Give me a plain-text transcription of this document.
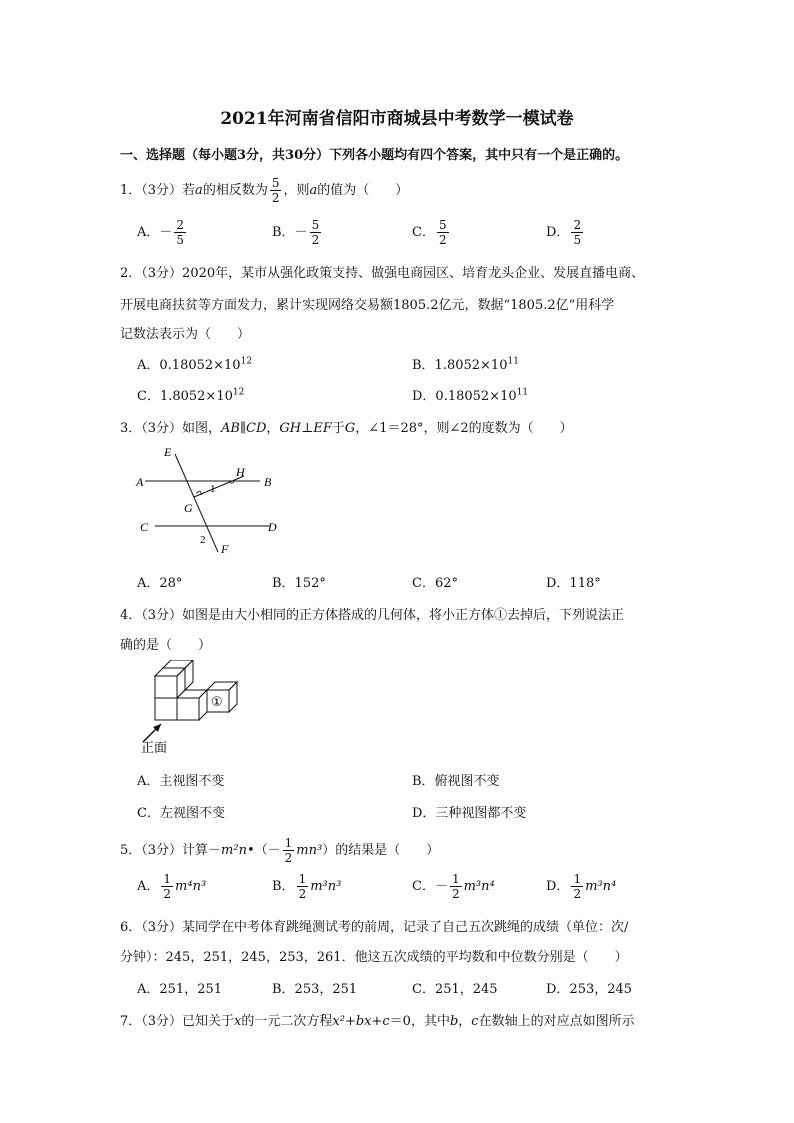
2021年河南省信阳市商城县中考数学一模试卷
一、选择题（每小题3分，共30分）下列各小题均有四个答案，其中只有一个是正确的。
1．（3分）若a的相反数为 $\frac{5}{2}$ ，则a的值为（　　）
A．－ $\frac{2}{5}$	B．－ $\frac{5}{2}$	C． $\frac{5}{2}$	D． $\frac{2}{5}$
2．（3分）2020年，某市从强化政策支持、做强电商园区、培育龙头企业、发展直播电商、
开展电商扶贫等方面发力，累计实现网络交易额1805.2亿元，数据“1805.2亿”用科学
记数法表示为（　　）
A．$0.18052\times 10^{12}$	B．$1.8052\times 10^{11}$
C．$1.8052\times 10^{12}$	D．$0.18052\times 10^{11}$
3．（3分）如图，AB∥CD，GH⊥EF于G，∠1＝28°，则∠2的度数为（　　）
E
A
H
B
1
G
C	D
2
F
A．28°	B．152°	C．62°	D．118°
4．（3分）如图是由大小相同的正方体搭成的几何体，将小正方体①去掉后，下列说法正
确的是（　　）
①
正面
A．主视图不变	B．俯视图不变
C．左视图不变	D．三种视图都不变
5．（3分）计算－m²n•（－ $\frac{1}{2} mn^3$）的结果是（　　）
A． $\frac{1}{2} m^4n^3$	B． $\frac{1}{2} m^3n^3$	C．－ $\frac{1}{2} m^3n^4$	D． $\frac{1}{2} m^3n^4$
6．（3分）某同学在中考体育跳绳测试考的前周，记录了自己五次跳绳的成绩（单位：次/
分钟）：245，251，245，253，261．他这五次成绩的平均数和中位数分别是（　　）
A．251，251	B．253，251	C．251，245	D．253，245
7．（3分）已知关于x的一元二次方程x²+bx+c＝0，其中b，c在数轴上的对应点如图所示
